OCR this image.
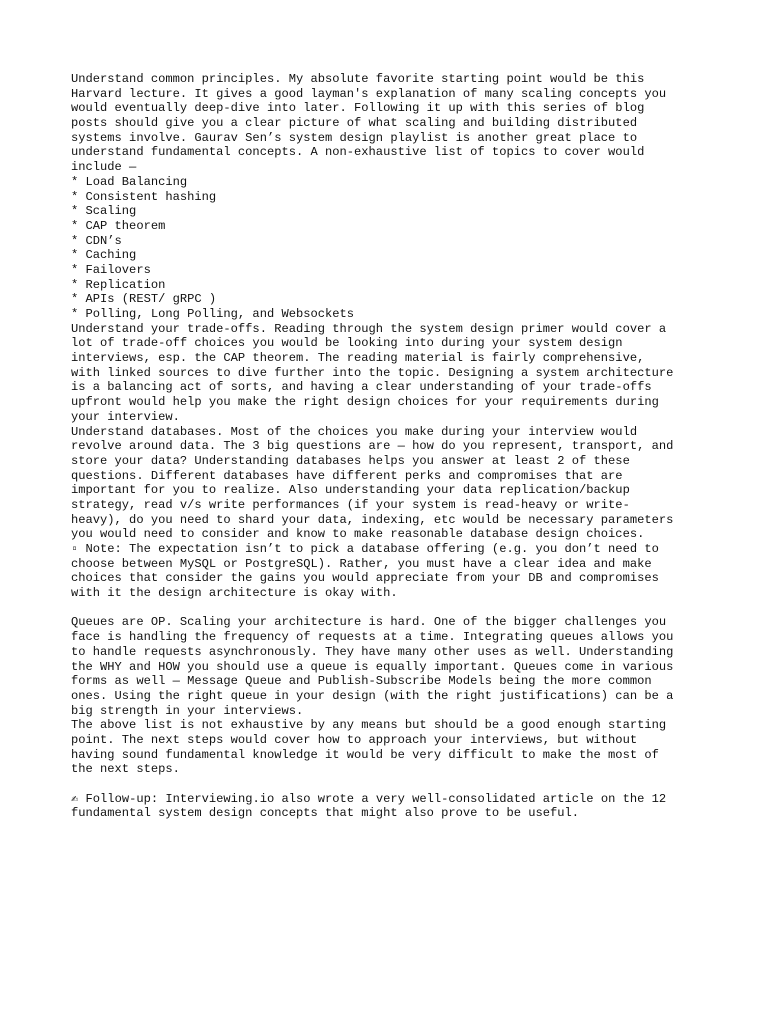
Understand common principles. My absolute favorite starting point would be this
Harvard lecture. It gives a good layman's explanation of many scaling concepts you
would eventually deep-dive into later. Following it up with this series of blog
posts should give you a clear picture of what scaling and building distributed
systems involve. Gaurav Sen’s system design playlist is another great place to
understand fundamental concepts. A non-exhaustive list of topics to cover would
include —
* Load Balancing
* Consistent hashing
* Scaling
* CAP theorem
* CDN’s
* Caching
* Failovers
* Replication
* APIs (REST/ gRPC )
* Polling, Long Polling, and Websockets
Understand your trade-offs. Reading through the system design primer would cover a
lot of trade-off choices you would be looking into during your system design
interviews, esp. the CAP theorem. The reading material is fairly comprehensive,
with linked sources to dive further into the topic. Designing a system architecture
is a balancing act of sorts, and having a clear understanding of your trade-offs
upfront would help you make the right design choices for your requirements during
your interview.
Understand databases. Most of the choices you make during your interview would
revolve around data. The 3 big questions are — how do you represent, transport, and
store your data? Understanding databases helps you answer at least 2 of these
questions. Different databases have different perks and compromises that are
important for you to realize. Also understanding your data replication/backup
strategy, read v/s write performances (if your system is read-heavy or write-
heavy), do you need to shard your data, indexing, etc would be necessary parameters
you would need to consider and know to make reasonable database design choices.
▫ Note: The expectation isn’t to pick a database offering (e.g. you don’t need to
choose between MySQL or PostgreSQL). Rather, you must have a clear idea and make
choices that consider the gains you would appreciate from your DB and compromises
with it the design architecture is okay with.
Queues are OP. Scaling your architecture is hard. One of the bigger challenges you
face is handling the frequency of requests at a time. Integrating queues allows you
to handle requests asynchronously. They have many other uses as well. Understanding
the WHY and HOW you should use a queue is equally important. Queues come in various
forms as well — Message Queue and Publish-Subscribe Models being the more common
ones. Using the right queue in your design (with the right justifications) can be a
big strength in your interviews.
The above list is not exhaustive by any means but should be a good enough starting
point. The next steps would cover how to approach your interviews, but without
having sound fundamental knowledge it would be very difficult to make the most of
the next steps.
✍ Follow-up: Interviewing.io also wrote a very well-consolidated article on the 12
fundamental system design concepts that might also prove to be useful.
